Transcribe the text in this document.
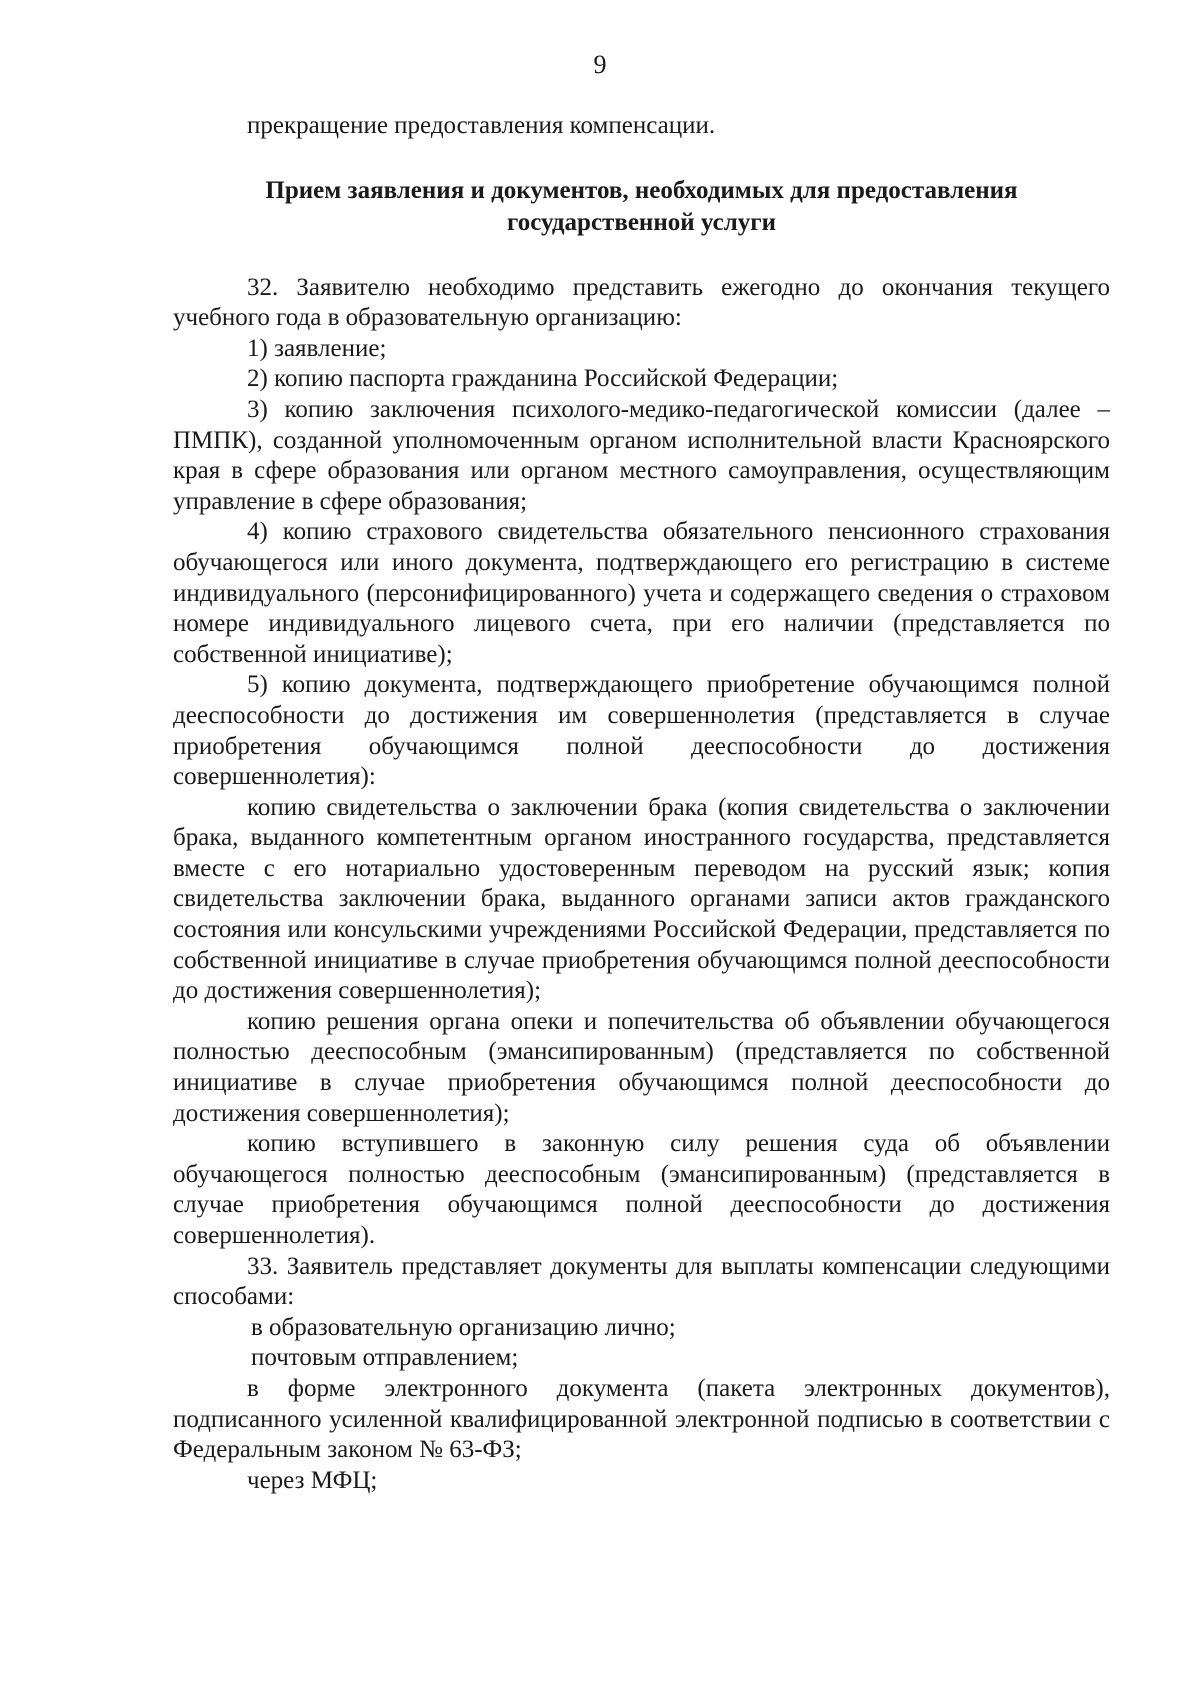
9

прекращение предоставления компенсации.

Прием заявления и документов, необходимых для предоставления государственной услуги

32. Заявителю необходимо представить ежегодно до окончания текущего учебного года в образовательную организацию:

1) заявление;

2) копию паспорта гражданина Российской Федерации;

3) копию заключения психолого-медико-педагогической комиссии (далее – ПМПК), созданной уполномоченным органом исполнительной власти Красноярского края в сфере образования или органом местного самоуправления, осуществляющим управление в сфере образования;

4) копию страхового свидетельства обязательного пенсионного страхования обучающегося или иного документа, подтверждающего его регистрацию в системе индивидуального (персонифицированного) учета и содержащего сведения о страховом номере индивидуального лицевого счета, при его наличии (представляется по собственной инициативе);

5) копию документа, подтверждающего приобретение обучающимся полной дееспособности до достижения им совершеннолетия (представляется в случае приобретения обучающимся полной дееспособности до достижения совершеннолетия):

копию свидетельства о заключении брака (копия свидетельства о заключении брака, выданного компетентным органом иностранного государства, представляется вместе с его нотариально удостоверенным переводом на русский язык; копия свидетельства заключении брака, выданного органами записи актов гражданского состояния или консульскими учреждениями Российской Федерации, представляется по собственной инициативе в случае приобретения обучающимся полной дееспособности до достижения совершеннолетия);

копию решения органа опеки и попечительства об объявлении обучающегося полностью дееспособным (эмансипированным) (представляется по собственной инициативе в случае приобретения обучающимся полной дееспособности до достижения совершеннолетия);

копию вступившего в законную силу решения суда об объявлении обучающегося полностью дееспособным (эмансипированным) (представляется в случае приобретения обучающимся полной дееспособности до достижения совершеннолетия).

33. Заявитель представляет документы для выплаты компенсации следующими способами:

в образовательную организацию лично;

почтовым отправлением;

в форме электронного документа (пакета электронных документов), подписанного усиленной квалифицированной электронной подписью в соответствии с Федеральным законом № 63-ФЗ;

через МФЦ;
